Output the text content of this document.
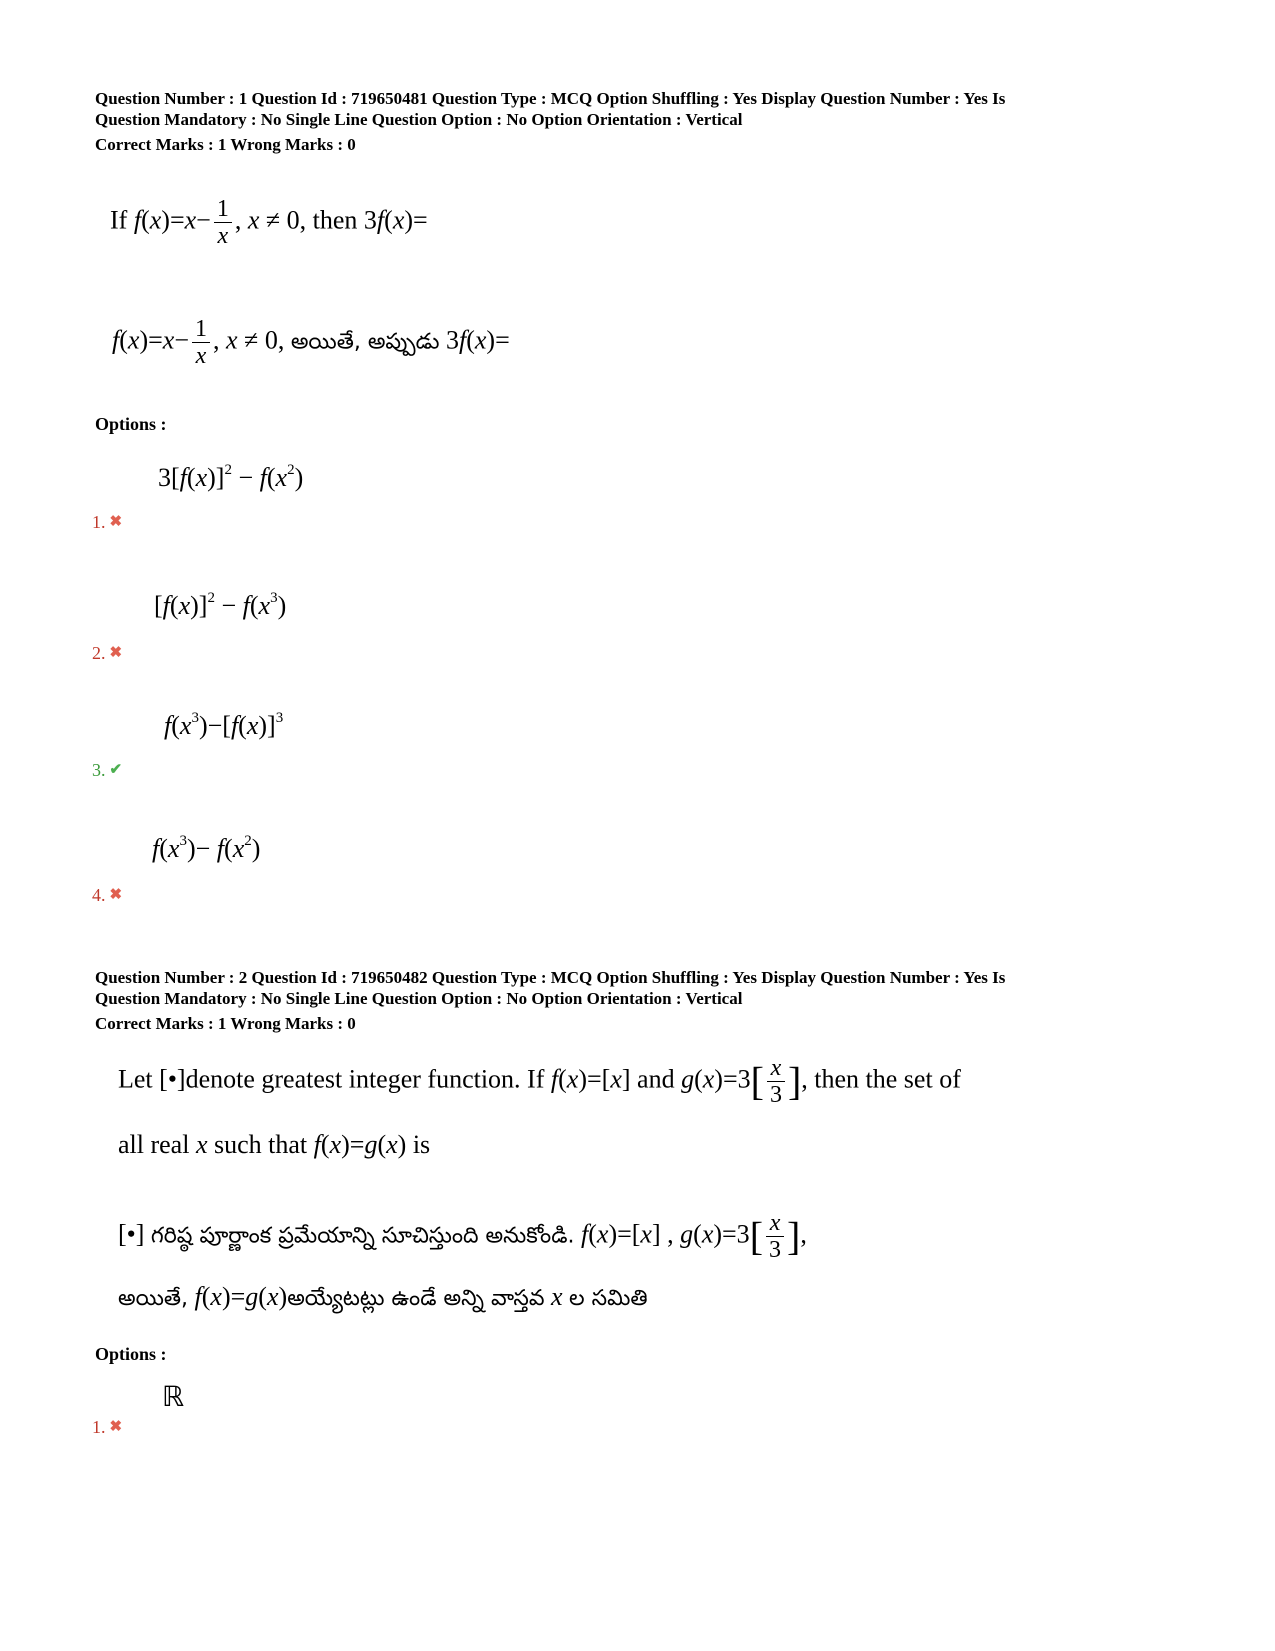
Question Number : 1 Question Id : 719650481 Question Type : MCQ Option Shuffling : Yes Display Question Number : Yes Is
Question Mandatory : No Single Line Question Option : No Option Orientation : Vertical
Correct Marks : 1 Wrong Marks : 0
If $f(x)=x- \frac{1}{x}$ , x ≠ 0, then 3f(x)=
$f(x)=x- \frac{1}{x}$ , x ≠ 0, అయితే, అప్పుడు 3f(x)=
Options :
$3[f(x)]^2 - f(x^2)$
1. ✖
$[f(x)]^2 - f(x^3)$
2. ✖
$f(x^3)-[f(x)]^3$
3. ✔
$f(x^3)- f(x^2)$
4. ✖
Question Number : 2 Question Id : 719650482 Question Type : MCQ Option Shuffling : Yes Display Question Number : Yes Is
Question Mandatory : No Single Line Question Option : No Option Orientation : Vertical
Correct Marks : 1 Wrong Marks : 0
Let [•]denote greatest integer function. If f(x)=[x] and $g(x)=3[ \frac{x}{3}$ ], then the set of
all real x such that f(x)=g(x) is
[•] గరిష్ఠ పూర్ణాంక ప్రమేయాన్ని సూచిస్తుంది అనుకోండి. f(x)=[x] , $g(x)=3[ \frac{x}{3}$ ],
అయితే, f(x)=g(x)అయ్యేటట్లు ఉండే అన్ని వాస్తవ x ల సమితి
Options :
ℝ
1. ✖
